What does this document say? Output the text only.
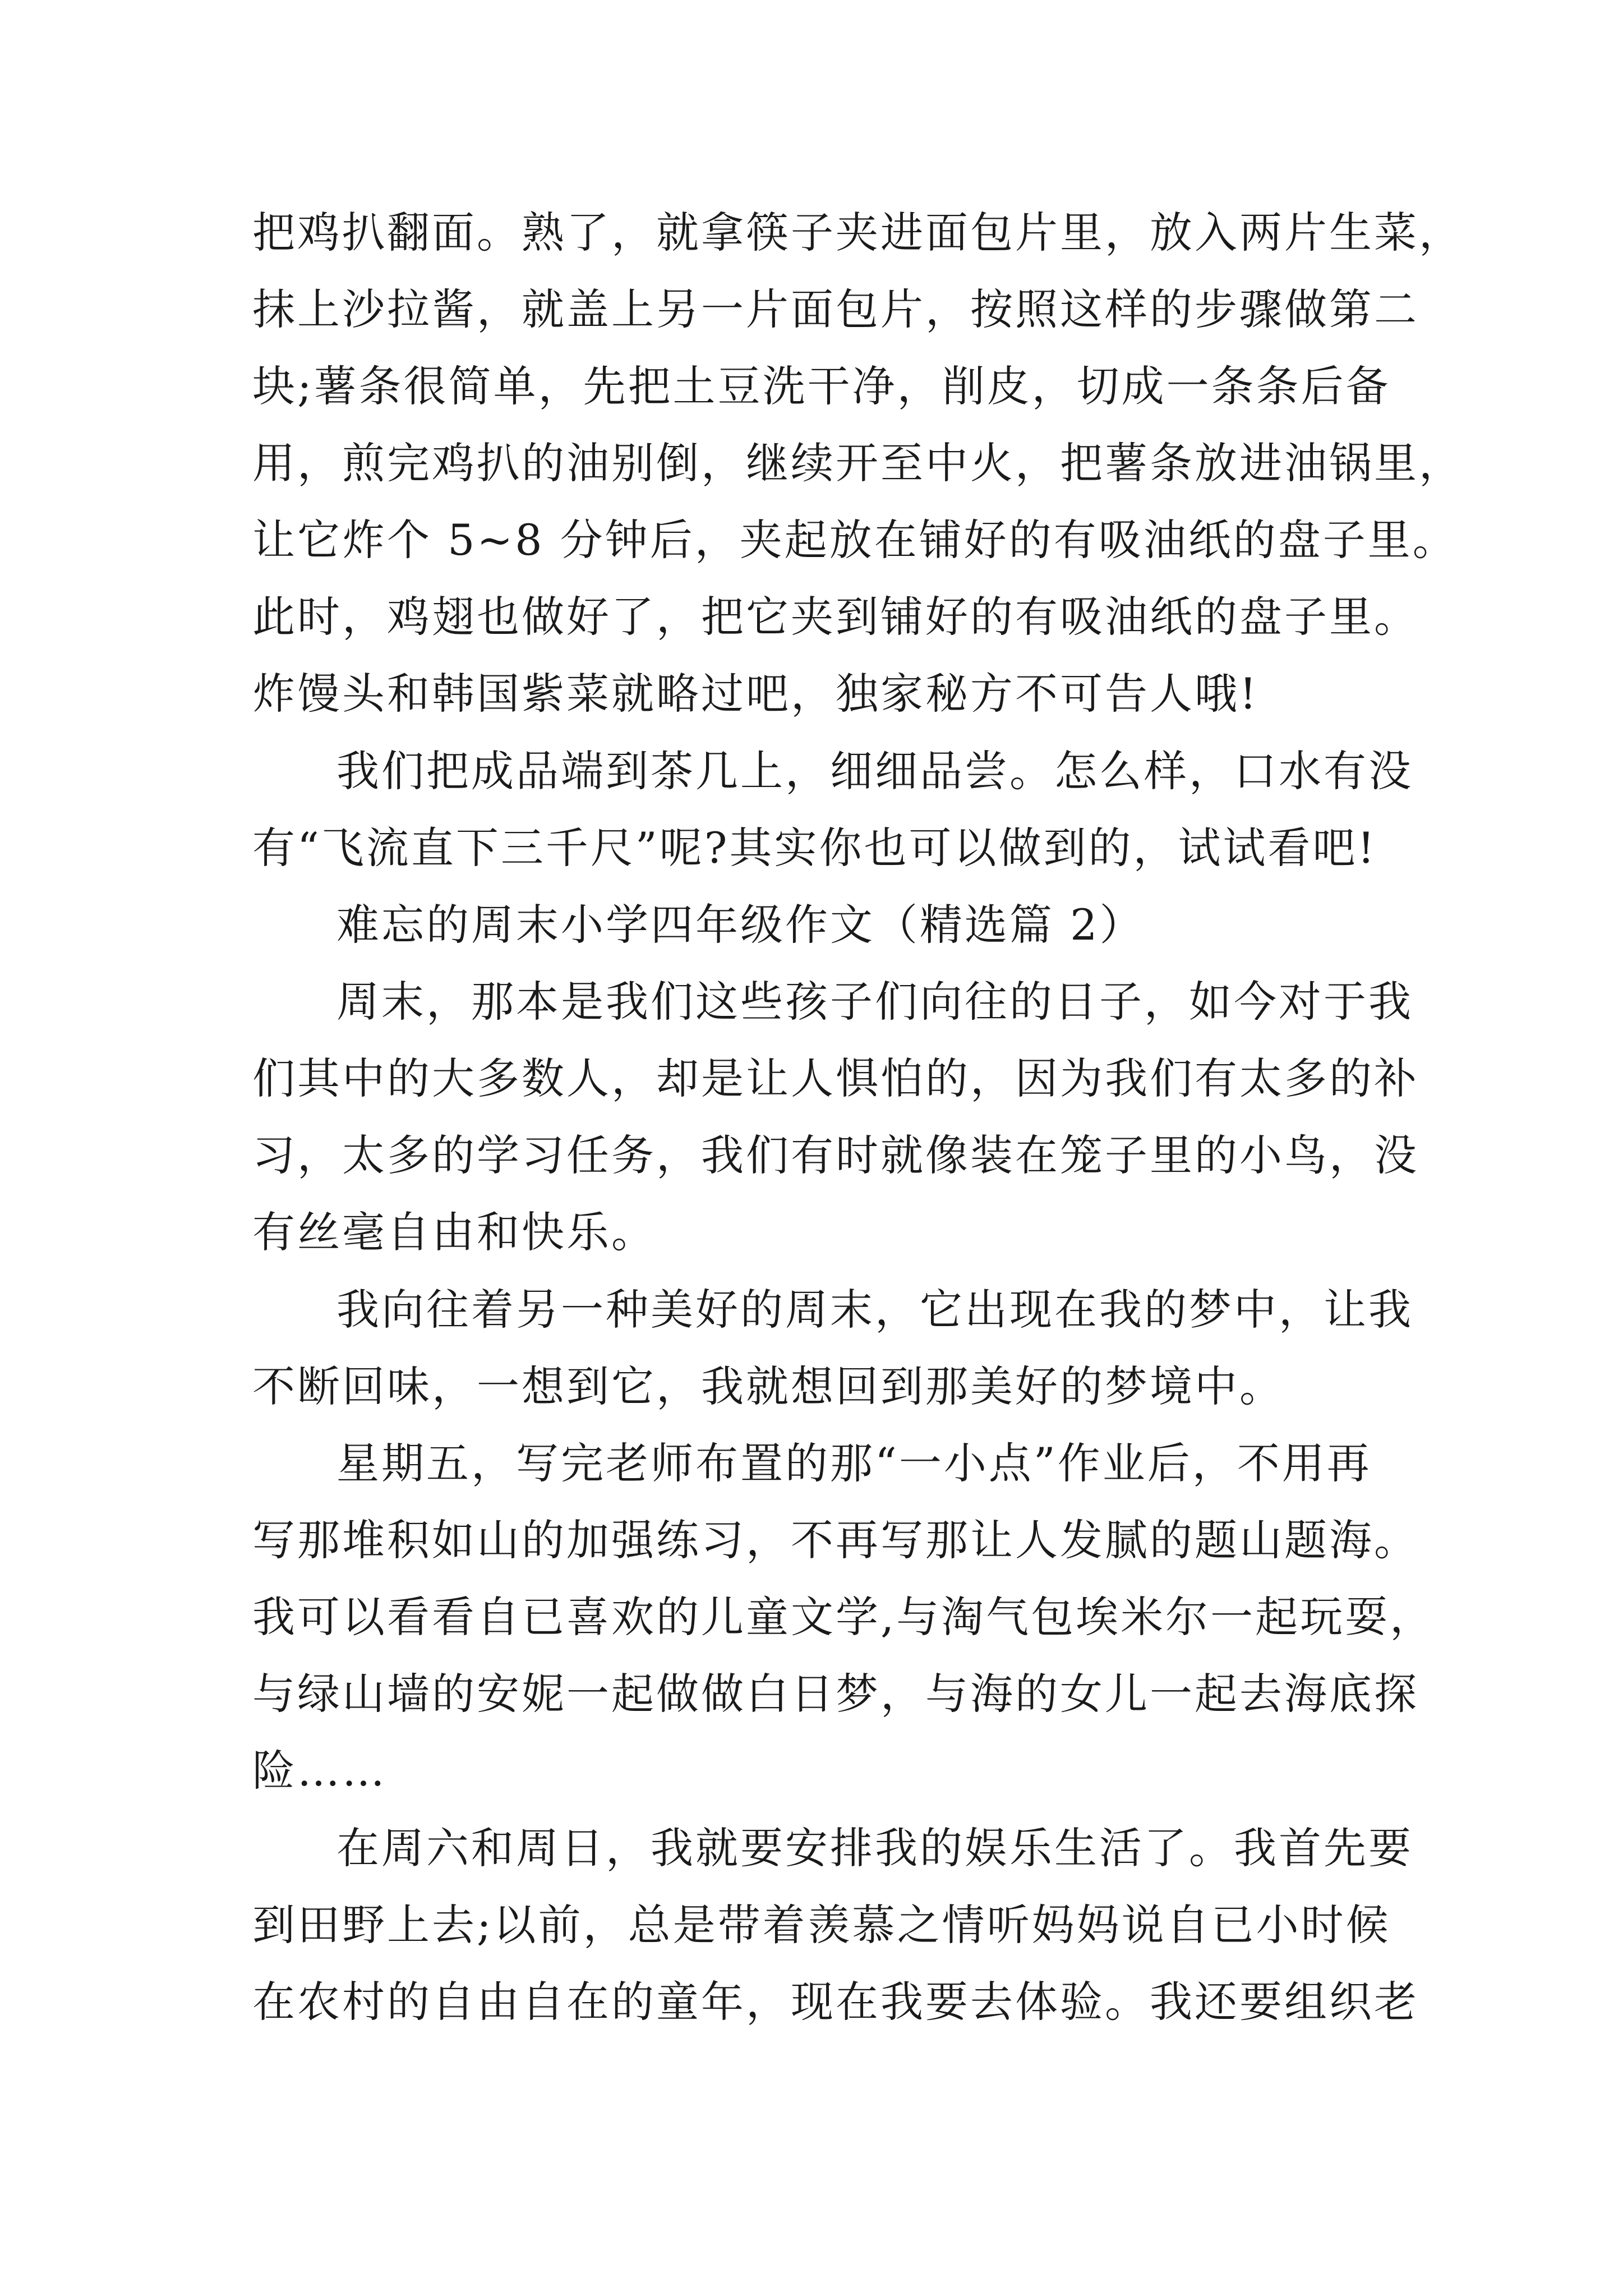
把鸡扒翻面。熟了，就拿筷子夹进面包片里，放入两片生菜，

抹上沙拉酱，就盖上另一片面包片，按照这样的步骤做第二

块;薯条很简单，先把土豆洗干净，削皮，切成一条条后备

用，煎完鸡扒的油别倒，继续开至中火，把薯条放进油锅里，

让它炸个 5~8 分钟后，夹起放在铺好的有吸油纸的盘子里。

此时，鸡翅也做好了，把它夹到铺好的有吸油纸的盘子里。

炸馒头和韩国紫菜就略过吧，独家秘方不可告人哦!

我们把成品端到茶几上，细细品尝。怎么样，口水有没

有“飞流直下三千尺”呢?其实你也可以做到的，试试看吧!

难忘的周末小学四年级作文（精选篇 2）

周末，那本是我们这些孩子们向往的日子，如今对于我

们其中的大多数人，却是让人惧怕的，因为我们有太多的补

习，太多的学习任务，我们有时就像装在笼子里的小鸟，没

有丝毫自由和快乐。

我向往着另一种美好的周末，它出现在我的梦中，让我

不断回味，一想到它，我就想回到那美好的梦境中。

星期五，写完老师布置的那“一小点”作业后，不用再

写那堆积如山的加强练习，不再写那让人发腻的题山题海。

我可以看看自已喜欢的儿童文学,与淘气包埃米尔一起玩耍，

与绿山墙的安妮一起做做白日梦，与海的女儿一起去海底探

险……

在周六和周日，我就要安排我的娱乐生活了。我首先要

到田野上去;以前，总是带着羡慕之情听妈妈说自已小时候

在农村的自由自在的童年，现在我要去体验。我还要组织老
